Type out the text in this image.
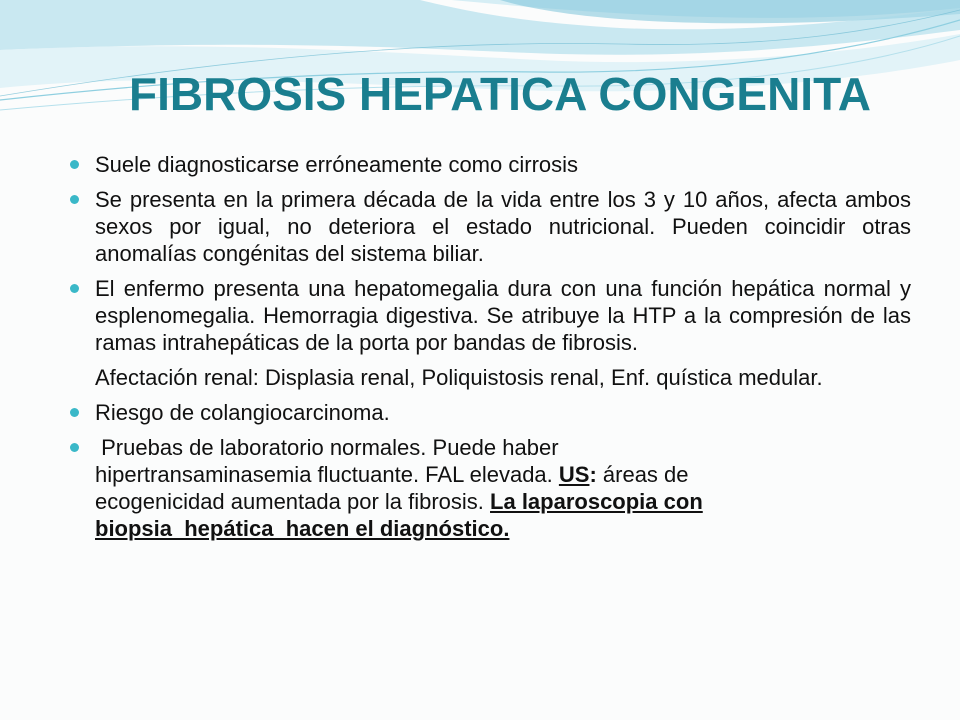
FIBROSIS HEPATICA CONGENITA
Suele diagnosticarse erróneamente como cirrosis
Se presenta en la primera década de la vida entre los 3 y 10 años, afecta ambos sexos por igual, no deteriora el estado nutricional. Pueden coincidir otras anomalías congénitas del sistema biliar.
El enfermo presenta una hepatomegalia dura con una función hepática normal y esplenomegalia. Hemorragia digestiva. Se atribuye la HTP a la compresión de las ramas intrahepáticas de la porta por bandas de fibrosis.
Afectación renal: Displasia renal, Poliquistosis renal, Enf. quística medular.
Riesgo de colangiocarcinoma.
Pruebas de laboratorio normales. Puede haber
hipertransaminasemia fluctuante. FAL elevada. US: áreas de
ecogenicidad aumentada por la fibrosis. La laparoscopia con
biopsia  hepática  hacen el diagnóstico.
